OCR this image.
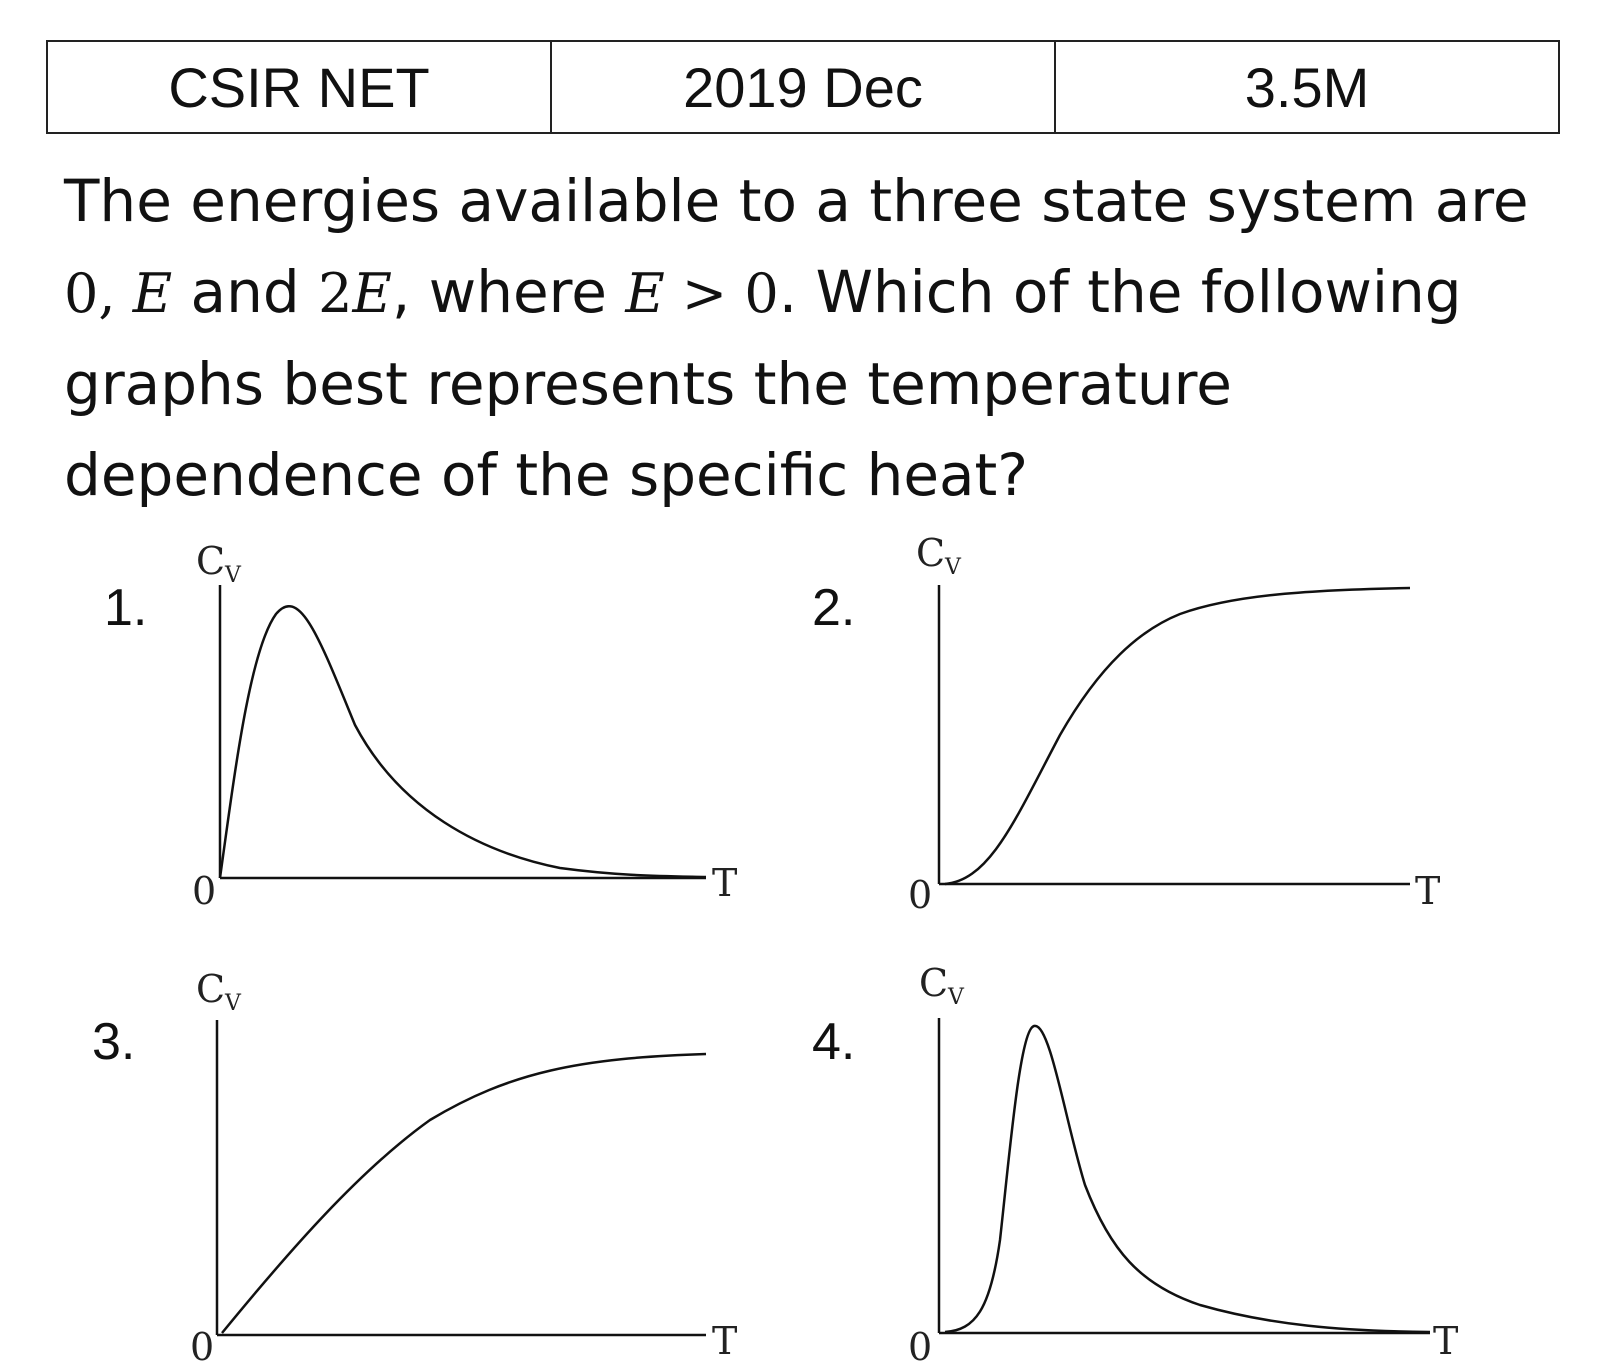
CSIR NET	2019 Dec	3.5M
The energies available to a three state system are
0, E and 2E, where E > 0. Which of the following
graphs best represents the temperature
dependence of the specific heat?
1.	2.
3.	4.
C V
0	T
C V
0	T
C V
0	T
C V
0	T
